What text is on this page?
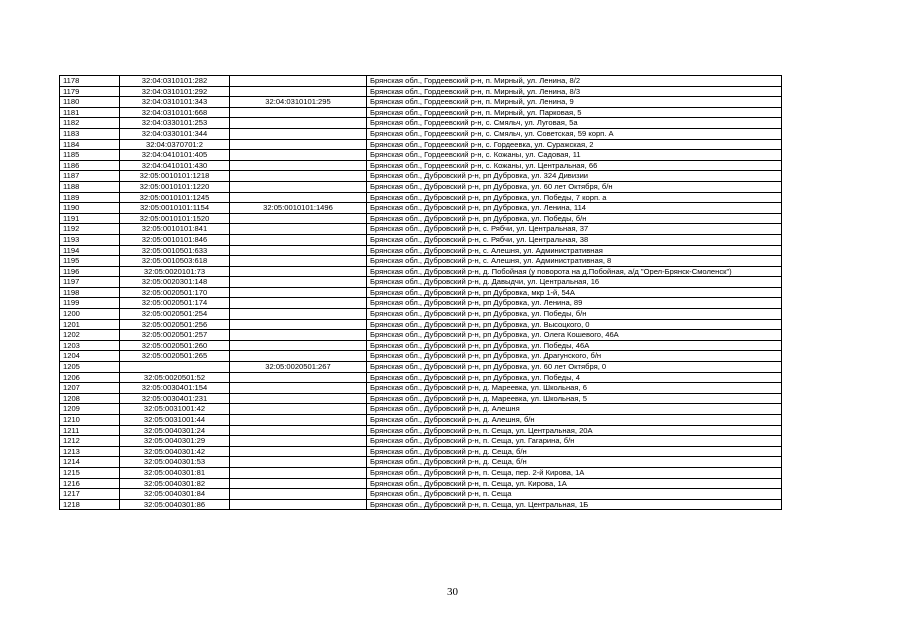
1178	32:04:0310101:282		Брянская обл., Гордеевский р-н, п. Мирный, ул. Ленина, 8/2
1179	32:04:0310101:292		Брянская обл., Гордеевский р-н, п. Мирный, ул. Ленина, 8/3
1180	32:04:0310101:343	32:04:0310101:295	Брянская обл., Гордеевский р-н, п. Мирный, ул. Ленина, 9
1181	32:04:0310101:668		Брянская обл., Гордеевский р-н, п. Мирный, ул. Парковая, 5
1182	32:04:0330101:253		Брянская обл., Гордеевский р-н, с. Смяльч, ул. Луговая, 5а
1183	32:04:0330101:344		Брянская обл., Гордеевский р-н, с. Смяльч, ул. Советская, 59 корп. А
1184	32:04:0370701:2		Брянская обл., Гордеевский р-н, с. Гордеевка, ул. Суражская, 2
1185	32:04:0410101:405		Брянская обл., Гордеевский р-н, с. Кожаны, ул. Садовая, 11
1186	32:04:0410101:430		Брянская обл., Гордеевский р-н, с. Кожаны, ул. Центральная, 66
1187	32:05:0010101:1218		Брянская обл., Дубровский р-н, рп Дубровка, ул. 324 Дивизии
1188	32:05:0010101:1220		Брянская обл., Дубровский р-н, рп Дубровка, ул. 60 лет Октября, б/н
1189	32:05:0010101:1245		Брянская обл., Дубровский р-н, рп Дубровка, ул. Победы, 7 корп. а
1190	32:05:0010101:1154	32:05:0010101:1496	Брянская обл., Дубровский р-н, рп Дубровка, ул. Ленина, 114
1191	32:05:0010101:1520		Брянская обл., Дубровский р-н, рп Дубровка, ул. Победы, б/н
1192	32:05:0010101:841		Брянская обл., Дубровский р-н, с. Рябчи, ул. Центральная, 37
1193	32:05:0010101:846		Брянская обл., Дубровский р-н, с. Рябчи, ул. Центральная, 38
1194	32:05:0010501:633		Брянская обл., Дубровский р-н, с. Алешня, ул. Административная
1195	32:05:0010503:618		Брянская обл., Дубровский р-н, с. Алешня, ул. Административная, 8
1196	32:05:0020101:73		Брянская обл., Дубровский р-н, д. Побойная (у поворота на д.Побойная, а/д "Орел-Брянск-Смоленск")
1197	32:05:0020301:148		Брянская обл., Дубровский р-н, д. Давыдчи, ул. Центральная, 16
1198	32:05:0020501:170		Брянская обл., Дубровский р-н, рп Дубровка, мкр 1-й, 54А
1199	32:05:0020501:174		Брянская обл., Дубровский р-н, рп Дубровка, ул. Ленина, 89
1200	32:05:0020501:254		Брянская обл., Дубровский р-н, рп Дубровка, ул. Победы, б/н
1201	32:05:0020501:256		Брянская обл., Дубровский р-н, рп Дубровка, ул. Высоцкого, 0
1202	32:05:0020501:257		Брянская обл., Дубровский р-н, рп Дубровка, ул. Олега Кошевого, 46А
1203	32:05:0020501:260		Брянская обл., Дубровский р-н, рп Дубровка, ул. Победы, 46А
1204	32:05:0020501:265		Брянская обл., Дубровский р-н, рп Дубровка, ул. Драгунского, б/н
1205		32:05:0020501:267	Брянская обл., Дубровский р-н, рп Дубровка, ул. 60 лет Октября, 0
1206	32:05:0020501:52		Брянская обл., Дубровский р-н, рп Дубровка, ул. Победы, 4
1207	32:05:0030401:154		Брянская обл., Дубровский р-н, д. Мареевка, ул. Школьная, 6
1208	32:05:0030401:231		Брянская обл., Дубровский р-н, д. Мареевка, ул. Школьная, 5
1209	32:05:0031001:42		Брянская обл., Дубровский р-н, д. Алешня
1210	32:05:0031001:44		Брянская обл., Дубровский р-н, д. Алешня, б/н
1211	32:05:0040301:24		Брянская обл., Дубровский р-н, п. Сеща, ул. Центральная, 20А
1212	32:05:0040301:29		Брянская обл., Дубровский р-н, п. Сеща, ул. Гагарина, б/н
1213	32:05:0040301:42		Брянская обл., Дубровский р-н, д. Сеща, б/н
1214	32:05:0040301:53		Брянская обл., Дубровский р-н, д. Сеща, б/н
1215	32:05:0040301:81		Брянская обл., Дубровский р-н, п. Сеща, пер. 2-й Кирова, 1А
1216	32:05:0040301:82		Брянская обл., Дубровский р-н, п. Сеща, ул. Кирова, 1А
1217	32:05:0040301:84		Брянская обл., Дубровский р-н, п. Сеща
1218	32:05:0040301:86		Брянская обл., Дубровский р-н, п. Сеща, ул. Центральная, 1Б
30
